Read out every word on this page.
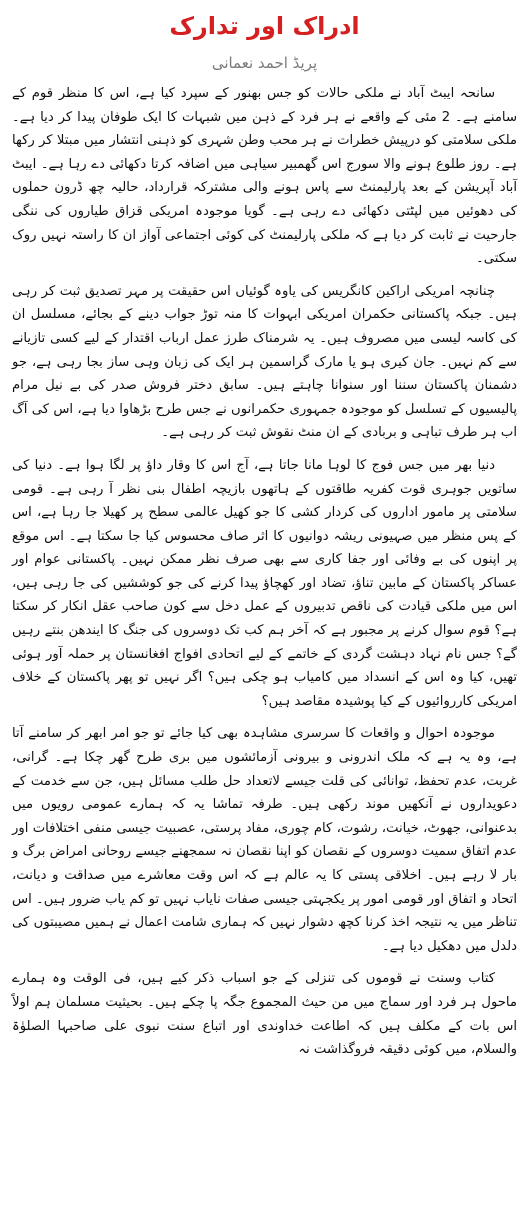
ادراک اور تدارک
پریڈ احمد نعمانی

سانحہ ایبٹ آباد نے ملکی حالات کو جس بھنور کے سپرد کیا ہے، اس کا منظر قوم کے سامنے ہے۔ 2 مئی کے واقعے نے ہر فرد کے ذہن میں شبہات کا ایک طوفان پیدا کر دیا ہے۔ ملکی سلامتی کو درپیش خطرات نے ہر محب وطن شہری کو ذہنی انتشار میں مبتلا کر رکھا ہے۔ روز طلوع ہونے والا سورج اس گھمبیر سیاہی میں اضافہ کرتا دکھائی دے رہا ہے۔ ایبٹ آباد آپریشن کے بعد پارلیمنٹ سے پاس ہونے والی مشترکہ قرارداد، حالیہ چھ ڈرون حملوں کی دھوئیں میں لپٹتی دکھائی دے رہی ہے۔ گویا موجودہ امریکی قزاق طیاروں کی ننگی جارحیت نے ثابت کر دیا ہے کہ ملکی پارلیمنٹ کی کوئی اجتماعی آواز ان کا راستہ نہیں روک سکتی۔

چنانچہ امریکی اراکین کانگریس کی یاوہ گوئیاں اس حقیقت پر مہر تصدیق ثبت کر رہی ہیں۔ جبکہ پاکستانی حکمران امریکی ابہوات کا منہ توڑ جواب دینے کے بجائے، مسلسل ان کی کاسہ لیسی میں مصروف ہیں۔ یہ شرمناک طرز عمل ارباب اقتدار کے لیے کسی تازیانے سے کم نہیں۔ جان کیری ہو یا مارک گراسمین ہر ایک کی زبان وہی ساز بجا رہی ہے، جو دشمنان پاکستان سننا اور سنوانا چاہتے ہیں۔ سابق دختر فروش صدر کی بے نیل مرام پالیسیوں کے تسلسل کو موجودہ جمہوری حکمرانوں نے جس طرح بڑھاوا دیا ہے، اس کی آگ اب ہر طرف تباہی و بربادی کے ان منٹ نقوش ثبت کر رہی ہے۔

دنیا بھر میں جس فوج کا لوہا مانا جاتا ہے، آج اس کا وقار داؤ پر لگا ہوا ہے۔ دنیا کی ساتویں جوہری قوت کفریہ طاقتوں کے ہاتھوں بازیچہ اطفال بنی نظر آ رہی ہے۔ قومی سلامتی پر مامور اداروں کی کردار کشی کا جو کھیل عالمی سطح پر کھیلا جا رہا ہے، اس کے پس منظر میں صہیونی ریشہ دوانیوں کا اثر صاف محسوس کیا جا سکتا ہے۔ اس موقع پر اپنوں کی بے وفائی اور جفا کاری سے بھی صرف نظر ممکن نہیں۔ پاکستانی عوام اور عساکر پاکستان کے مابین تناؤ، تضاد اور کھچاؤ پیدا کرنے کی جو کوششیں کی جا رہی ہیں، اس میں ملکی قیادت کی ناقص تدبیروں کے عمل دخل سے کون صاحب عقل انکار کر سکتا ہے؟ قوم سوال کرنے پر مجبور ہے کہ آخر ہم کب تک دوسروں کی جنگ کا ایندھن بنتے رہیں گے؟ جس نام نہاد دہشت گردی کے خاتمے کے لیے اتحادی افواج افغانستان پر حملہ آور ہوئی تھیں، کیا وہ اس کے انسداد میں کامیاب ہو چکی ہیں؟ اگر نہیں تو پھر پاکستان کے خلاف امریکی کارروائیوں کے کیا پوشیدہ مقاصد ہیں؟

موجودہ احوال و واقعات کا سرسری مشاہدہ بھی کیا جائے تو جو امر ابھر کر سامنے آتا ہے، وہ یہ ہے کہ ملک اندرونی و بیرونی آزمائشوں میں بری طرح گھر چکا ہے۔ گرانی، غربت، عدم تحفظ، توانائی کی قلت جیسے لاتعداد حل طلب مسائل ہیں، جن سے خدمت کے دعویداروں نے آنکھیں موند رکھی ہیں۔ طرفہ تماشا یہ کہ ہمارے عمومی رویوں میں بدعنوانی، جھوٹ، خیانت، رشوت، کام چوری، مفاد پرستی، عصبیت جیسی منفی اختلافات اور عدم اتفاق سمیت دوسروں کے نقصان کو اپنا نقصان نہ سمجھنے جیسے روحانی امراض برگ و بار لا رہے ہیں۔ اخلاقی پستی کا یہ عالم ہے کہ اس وقت معاشرے میں صداقت و دیانت، اتحاد و اتفاق اور قومی امور پر یکجہتی جیسی صفات نایاب نہیں تو کم یاب ضرور ہیں۔ اس تناظر میں یہ نتیجہ اخذ کرنا کچھ دشوار نہیں کہ ہماری شامت اعمال نے ہمیں مصیبتوں کی دلدل میں دھکیل دیا ہے۔

کتاب وسنت نے قوموں کی تنزلی کے جو اسباب ذکر کیے ہیں، فی الوقت وہ ہمارے ماحول ہر فرد اور سماج میں من حیث المجموع جگہ پا چکے ہیں۔ بحیثیت مسلمان ہم اولاً اس بات کے مکلف ہیں کہ اطاعت خداوندی اور اتباع سنت نبوی علی صاحبہا الصلوٰۃ والسلام، میں کوئی دقیقہ فروگذاشت نہ
